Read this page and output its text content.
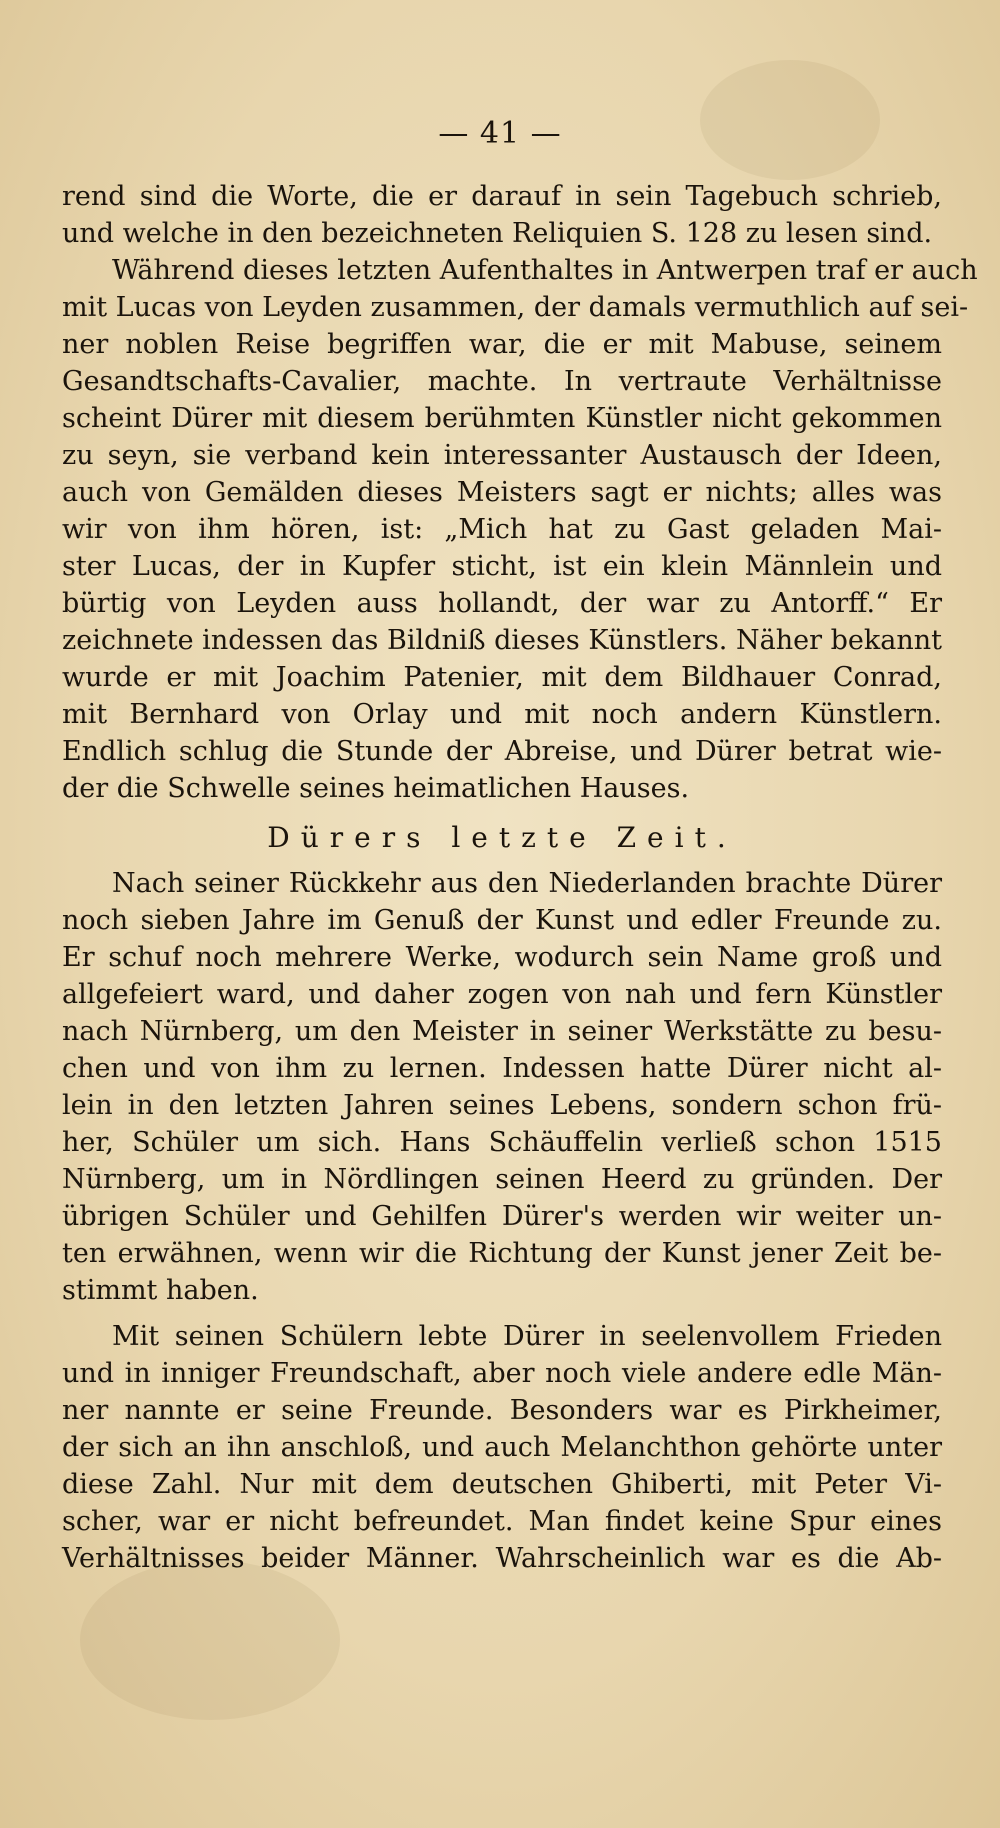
— 41 —
rend sind die Worte, die er darauf in sein Tagebuch schrieb,
und welche in den bezeichneten Reliquien S. 128 zu lesen sind.
Während dieses letzten Aufenthaltes in Antwerpen traf er auch
mit Lucas von Leyden zusammen, der damals vermuthlich auf sei-
ner noblen Reise begriffen war, die er mit Mabuse, seinem
Gesandtschafts-Cavalier, machte. In vertraute Verhältnisse
scheint Dürer mit diesem berühmten Künstler nicht gekommen
zu seyn, sie verband kein interessanter Austausch der Ideen,
auch von Gemälden dieses Meisters sagt er nichts; alles was
wir von ihm hören, ist: „Mich hat zu Gast geladen Mai-
ster Lucas, der in Kupfer sticht, ist ein klein Männlein und
bürtig von Leyden auss hollandt, der war zu Antorff.“ Er
zeichnete indessen das Bildniß dieses Künstlers. Näher bekannt
wurde er mit Joachim Patenier, mit dem Bildhauer Conrad,
mit Bernhard von Orlay und mit noch andern Künstlern.
Endlich schlug die Stunde der Abreise, und Dürer betrat wie-
der die Schwelle seines heimatlichen Hauses.
Dürers letzte Zeit.
Nach seiner Rückkehr aus den Niederlanden brachte Dürer
noch sieben Jahre im Genuß der Kunst und edler Freunde zu.
Er schuf noch mehrere Werke, wodurch sein Name groß und
allgefeiert ward, und daher zogen von nah und fern Künstler
nach Nürnberg, um den Meister in seiner Werkstätte zu besu-
chen und von ihm zu lernen. Indessen hatte Dürer nicht al-
lein in den letzten Jahren seines Lebens, sondern schon frü-
her, Schüler um sich. Hans Schäuffelin verließ schon 1515
Nürnberg, um in Nördlingen seinen Heerd zu gründen. Der
übrigen Schüler und Gehilfen Dürer's werden wir weiter un-
ten erwähnen, wenn wir die Richtung der Kunst jener Zeit be-
stimmt haben.
Mit seinen Schülern lebte Dürer in seelenvollem Frieden
und in inniger Freundschaft, aber noch viele andere edle Män-
ner nannte er seine Freunde. Besonders war es Pirkheimer,
der sich an ihn anschloß, und auch Melanchthon gehörte unter
diese Zahl. Nur mit dem deutschen Ghiberti, mit Peter Vi-
scher, war er nicht befreundet. Man findet keine Spur eines
Verhältnisses beider Männer. Wahrscheinlich war es die Ab-
